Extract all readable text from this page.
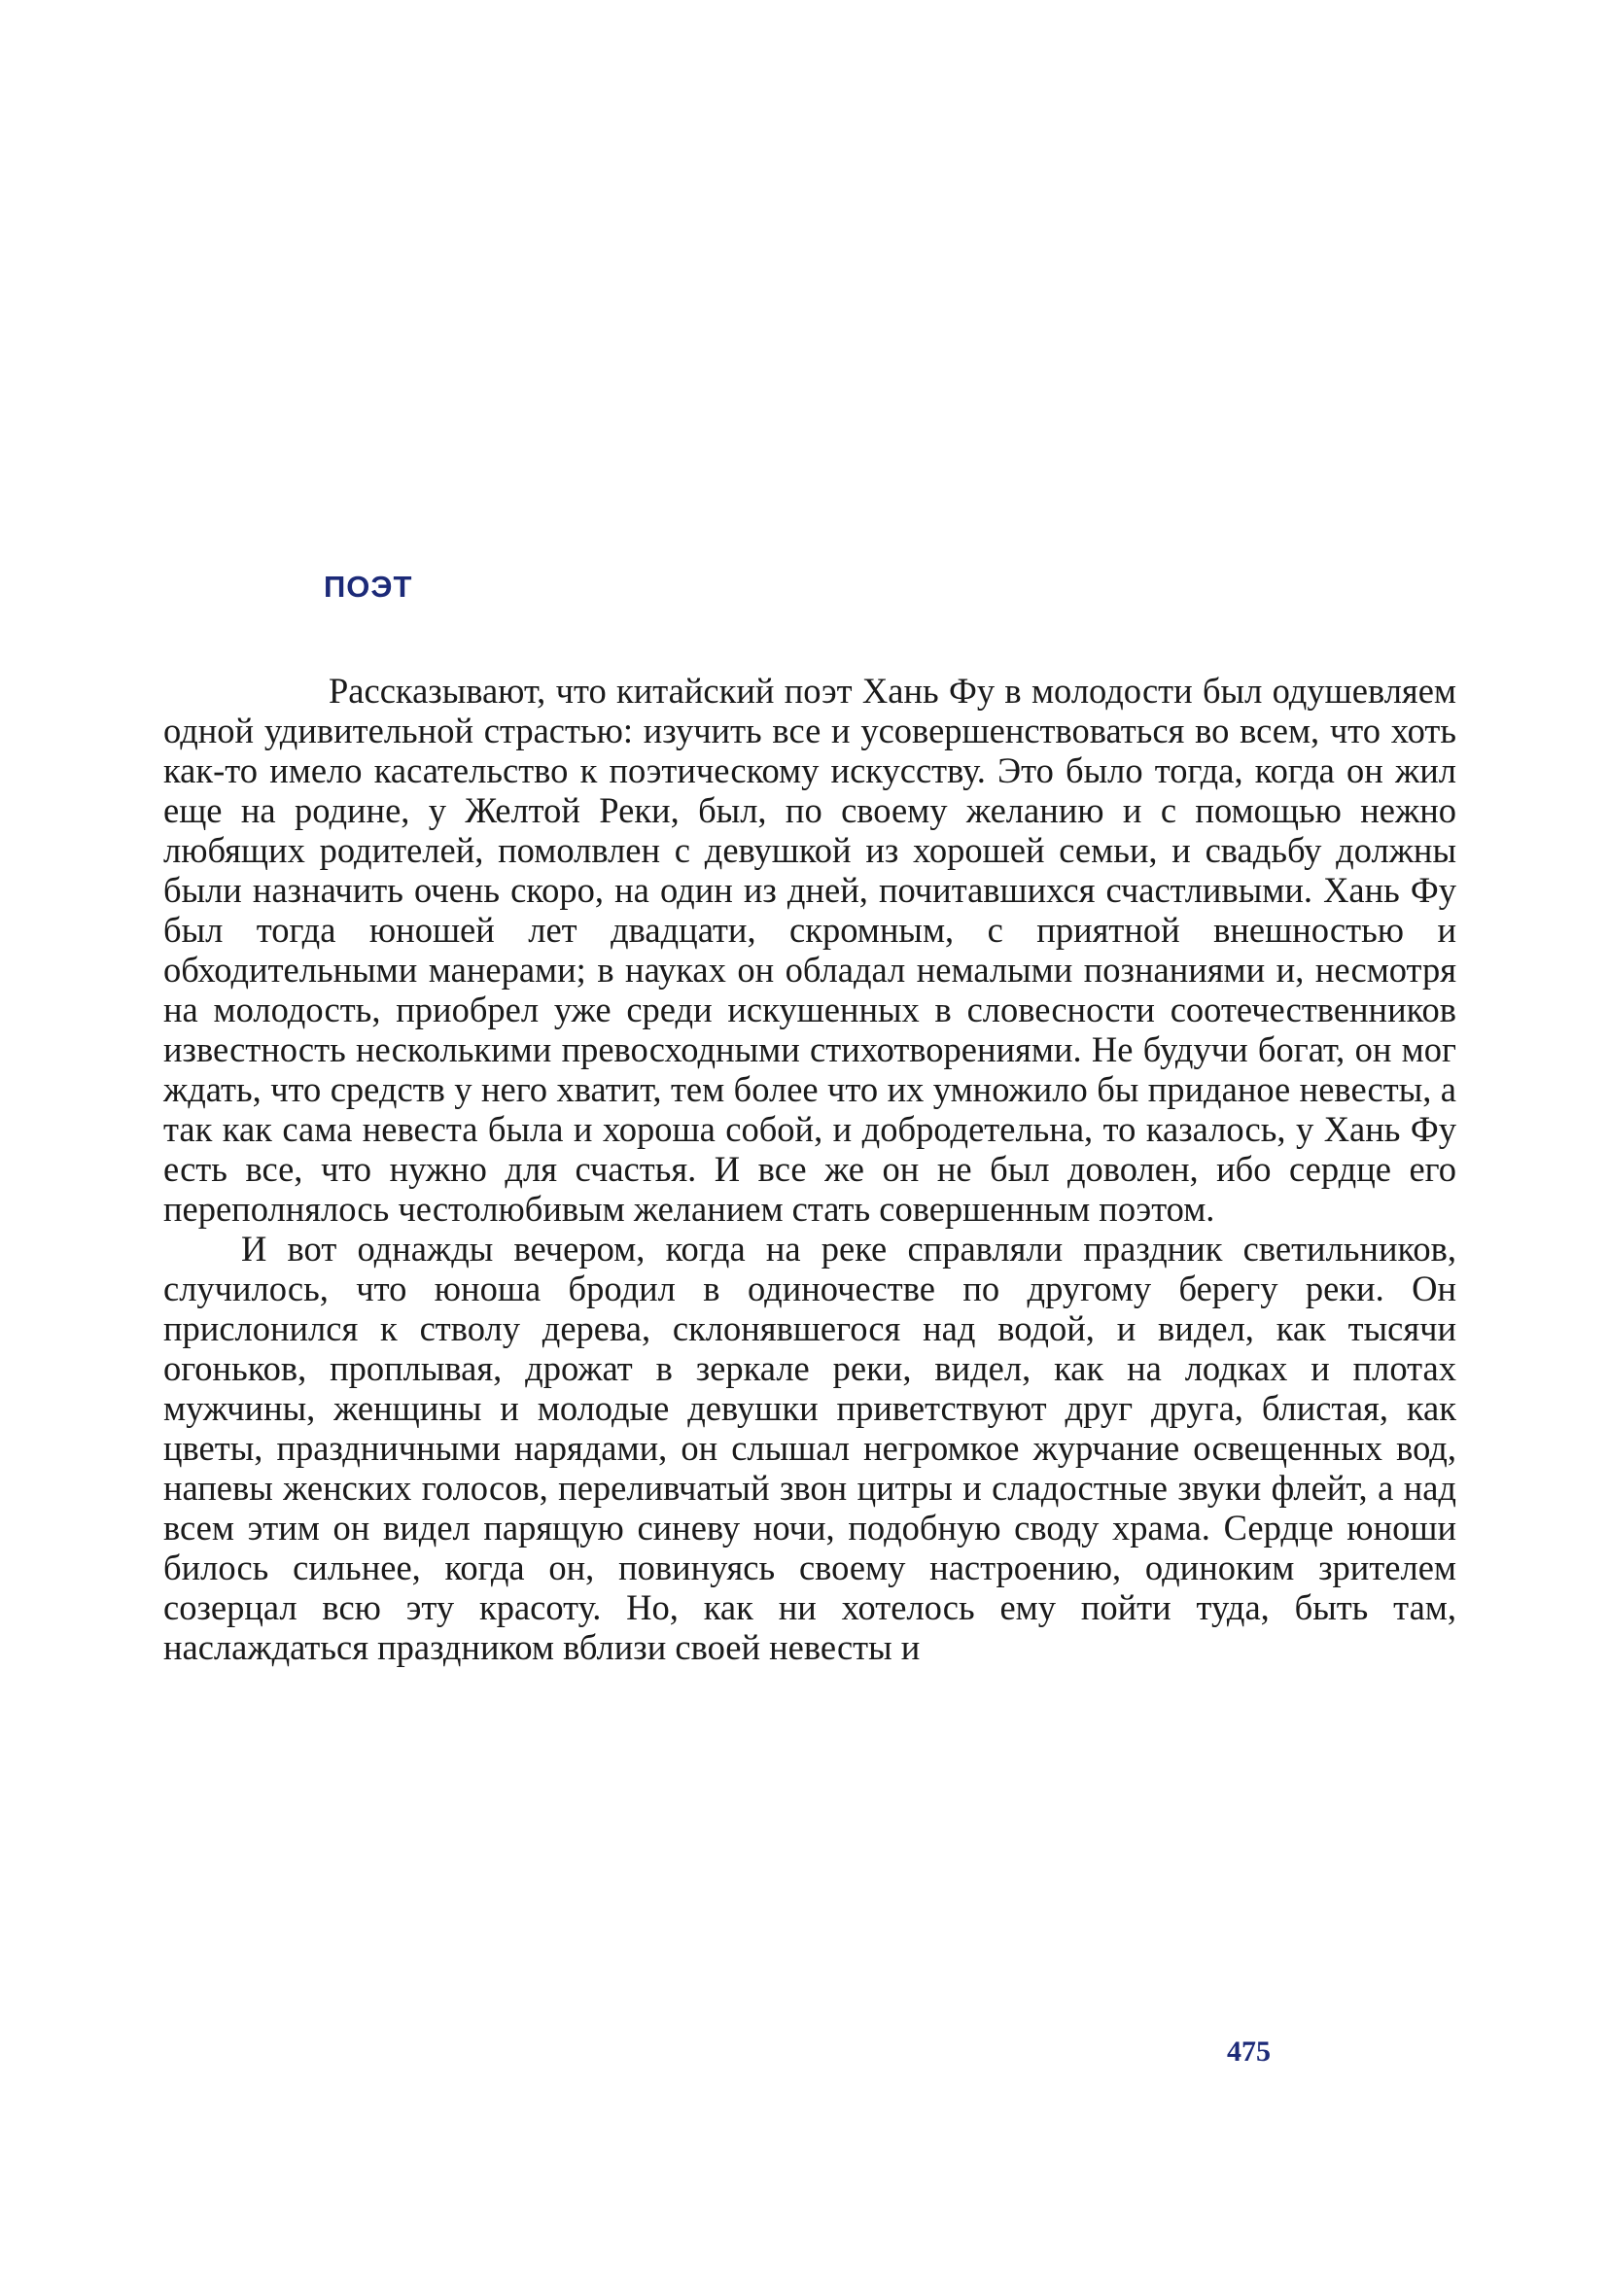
ПОЭТ

Рассказывают, что китайский поэт Хань Фу в молодости был одушевляем одной удивительной страстью: изучить все и усовершенствоваться во всем, что хоть как-то имело касательство к поэтическому искусству. Это было тогда, когда он жил еще на родине, у Желтой Реки, был, по своему желанию и с помощью нежно любящих родителей, помолвлен с девушкой из хорошей семьи, и свадьбу должны были назначить очень скоро, на один из дней, почитавшихся счастливыми. Хань Фу был тогда юношей лет двадцати, скромным, с приятной внешностью и обходительными манерами; в науках он обладал немалыми познаниями и, несмотря на молодость, приобрел уже среди искушенных в словесности соотечественников известность несколькими превосходными стихотворениями. Не будучи богат, он мог ждать, что средств у него хватит, тем более что их умножило бы приданое невесты, а так как сама невеста была и хороша собой, и добродетельна, то казалось, у Хань Фу есть все, что нужно для счастья. И все же он не был доволен, ибо сердце его переполнялось честолюбивым желанием стать совершенным поэтом.

И вот однажды вечером, когда на реке справляли праздник светильников, случилось, что юноша бродил в одиночестве по другому берегу реки. Он прислонился к стволу дерева, склонявшегося над водой, и видел, как тысячи огоньков, проплывая, дрожат в зеркале реки, видел, как на лодках и плотах мужчины, женщины и молодые девушки приветствуют друг друга, блистая, как цветы, праздничными нарядами, он слышал негромкое журчание освещенных вод, напевы женских голосов, переливчатый звон цитры и сладостные звуки флейт, а над всем этим он видел парящую синеву ночи, подобную своду храма. Сердце юноши билось сильнее, когда он, повинуясь своему настроению, одиноким зрителем созерцал всю эту красоту. Но, как ни хотелось ему пойти туда, быть там, наслаждаться праздником вблизи своей невесты и

475
